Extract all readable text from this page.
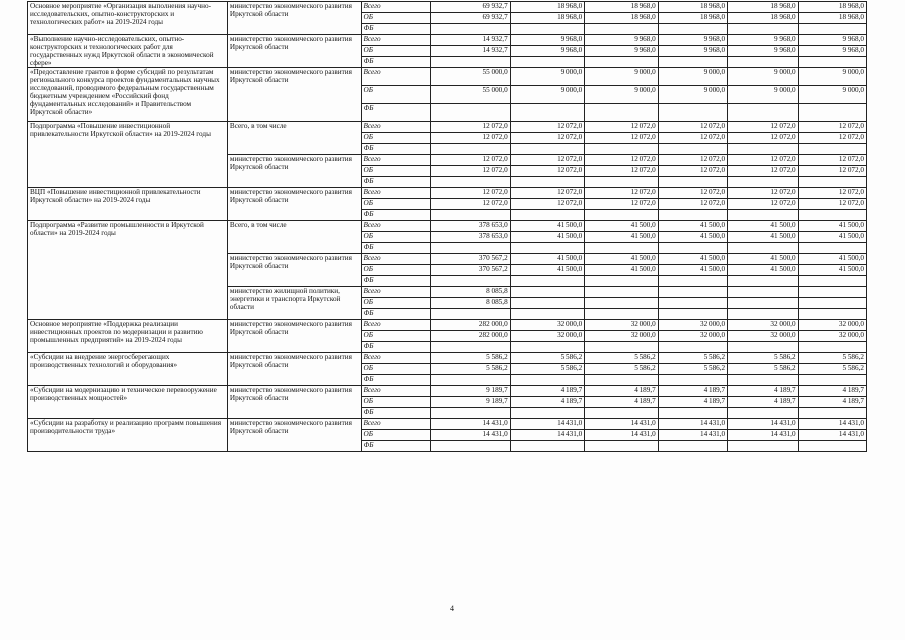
Основное мероприятие «Организация выполнения научно-исследовательских, опытно-конструкторских и технологических работ» на 2019-2024 годы	министерство экономического развития Иркутской области	Всего	69 932,7	18 968,0	18 968,0	18 968,0	18 968,0	18 968,0
		ОБ	69 932,7	18 968,0	18 968,0	18 968,0	18 968,0	18 968,0
		ФБ						
«Выполнение научно-исследовательских, опытно-конструкторских и технологических работ для государственных нужд Иркутской области в экономической сфере»	министерство экономического развития Иркутской области	Всего	14 932,7	9 968,0	9 968,0	9 968,0	9 968,0	9 968,0
		ОБ	14 932,7	9 968,0	9 968,0	9 968,0	9 968,0	9 968,0
		ФБ						
«Предоставление грантов в форме субсидий по результатам регионального конкурса проектов фундаментальных научных исследований, проводимого федеральным государственным бюджетным учреждением «Российский фонд фундаментальных исследований» и Правительством Иркутской области»	министерство экономического развития Иркутской области	Всего	55 000,0	9 000,0	9 000,0	9 000,0	9 000,0	9 000,0
		ОБ	55 000,0	9 000,0	9 000,0	9 000,0	9 000,0	9 000,0
		ФБ						
Подпрограмма «Повышение инвестиционной привлекательности Иркутской области» на 2019-2024 годы	Всего, в том числе	Всего	12 072,0	12 072,0	12 072,0	12 072,0	12 072,0	12 072,0
		ОБ	12 072,0	12 072,0	12 072,0	12 072,0	12 072,0	12 072,0
		ФБ						
	министерство экономического развития Иркутской области	Всего	12 072,0	12 072,0	12 072,0	12 072,0	12 072,0	12 072,0
		ОБ	12 072,0	12 072,0	12 072,0	12 072,0	12 072,0	12 072,0
		ФБ						
ВЦП «Повышение инвестиционной привлекательности Иркутской области» на 2019-2024 годы	министерство экономического развития Иркутской области	Всего	12 072,0	12 072,0	12 072,0	12 072,0	12 072,0	12 072,0
		ОБ	12 072,0	12 072,0	12 072,0	12 072,0	12 072,0	12 072,0
		ФБ						
Подпрограмма «Развитие промышленности в Иркутской области» на 2019-2024 годы	Всего, в том числе	Всего	378 653,0	41 500,0	41 500,0	41 500,0	41 500,0	41 500,0
		ОБ	378 653,0	41 500,0	41 500,0	41 500,0	41 500,0	41 500,0
		ФБ						
	министерство экономического развития Иркутской области	Всего	370 567,2	41 500,0	41 500,0	41 500,0	41 500,0	41 500,0
		ОБ	370 567,2	41 500,0	41 500,0	41 500,0	41 500,0	41 500,0
		ФБ						
	министерство жилищной политики, энергетики и транспорта Иркутской области	Всего	8 085,8					
		ОБ	8 085,8					
		ФБ						
Основное мероприятие «Поддержка реализации инвестиционных проектов по модернизации и развитию промышленных предприятий» на 2019-2024 годы	министерство экономического развития Иркутской области	Всего	282 000,0	32 000,0	32 000,0	32 000,0	32 000,0	32 000,0
		ОБ	282 000,0	32 000,0	32 000,0	32 000,0	32 000,0	32 000,0
		ФБ						
«Субсидии на внедрение энергосберегающих производственных технологий и оборудования»	министерство экономического развития Иркутской области	Всего	5 586,2	5 586,2	5 586,2	5 586,2	5 586,2	5 586,2
		ОБ	5 586,2	5 586,2	5 586,2	5 586,2	5 586,2	5 586,2
		ФБ						
«Субсидии на модернизацию и техническое перевооружение производственных мощностей»	министерство экономического развития Иркутской области	Всего	9 189,7	4 189,7	4 189,7	4 189,7	4 189,7	4 189,7
		ОБ	9 189,7	4 189,7	4 189,7	4 189,7	4 189,7	4 189,7
		ФБ						
«Субсидии на разработку и реализацию программ повышения производительности труда»	министерство экономического развития Иркутской области	Всего	14 431,0	14 431,0	14 431,0	14 431,0	14 431,0	14 431,0
		ОБ	14 431,0	14 431,0	14 431,0	14 431,0	14 431,0	14 431,0
		ФБ						
4
